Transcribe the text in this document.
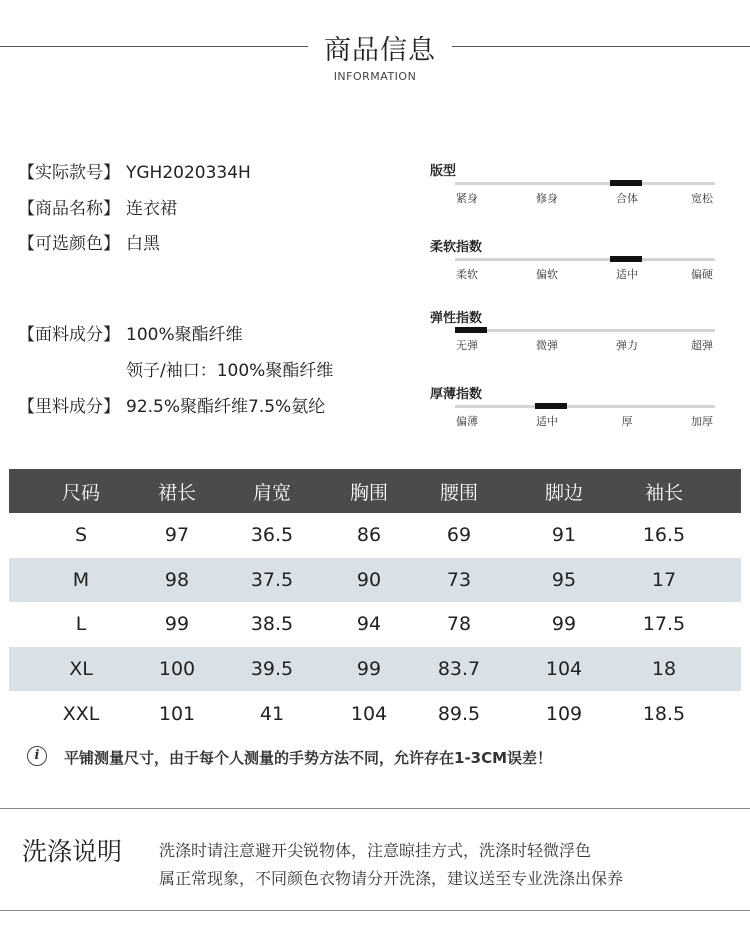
商品信息
INFORMATION
【实际款号】 YGH2020334H
【商品名称】 连衣裙
【可选颜色】 白黑
【面料成分】 100%聚酯纤维
领子/袖口：100%聚酯纤维
【里料成分】 92.5%聚酯纤维7.5%氨纶
版型
紧身	修身	合体	宽松
柔软指数
柔软	偏软	适中	偏硬
弹性指数
无弹	微弹	弹力	超弹
厚薄指数
偏薄	适中	厚	加厚
尺码	裙长	肩宽	胸围	腰围	脚边	袖长
S	97	36.5	86	69	91	16.5
M	98	37.5	90	73	95	17
L	99	38.5	94	78	99	17.5
XL	100	39.5	99	83.7	104	18
XXL	101	41	104	89.5	109	18.5
i	平铺测量尺寸，由于每个人测量的手势方法不同，允许存在1-3CM误差！
洗涤说明 洗涤时请注意避开尖锐物体，注意晾挂方式，洗涤时轻微浮色
属正常现象，不同颜色衣物请分开洗涤，建议送至专业洗涤出保养
